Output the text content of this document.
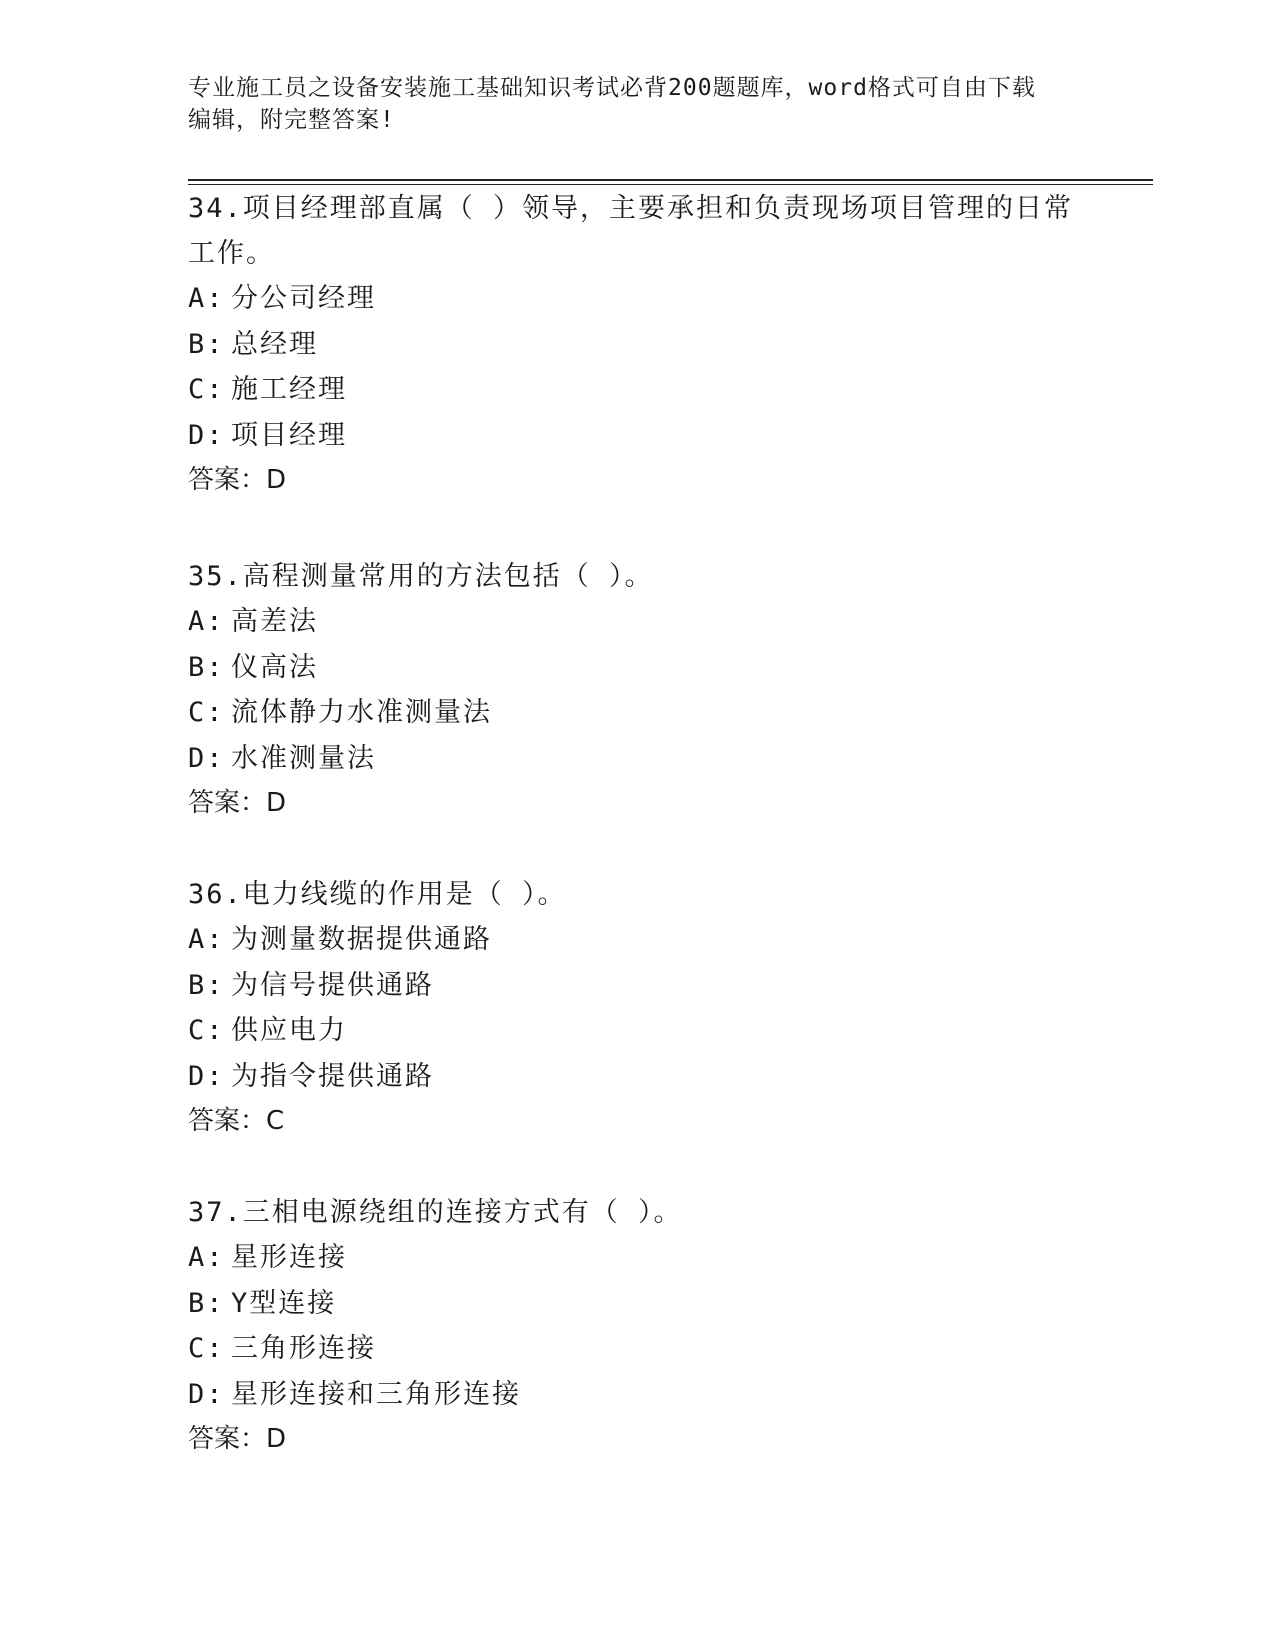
专业施工员之设备安装施工基础知识考试必背200题题库，word格式可自由下载
编辑，附完整答案!
34.项目经理部直属（ ）领导，主要承担和负责现场项目管理的日常
工作。
A: 分公司经理
B: 总经理
C: 施工经理
D: 项目经理
答案：D
35.高程测量常用的方法包括（ ）。
A: 高差法
B: 仪高法
C: 流体静力水准测量法
D: 水准测量法
答案：D
36.电力线缆的作用是（ ）。
A: 为测量数据提供通路
B: 为信号提供通路
C: 供应电力
D: 为指令提供通路
答案：C
37.三相电源绕组的连接方式有（ ）。
A: 星形连接
B: Y型连接
C: 三角形连接
D: 星形连接和三角形连接
答案：D
